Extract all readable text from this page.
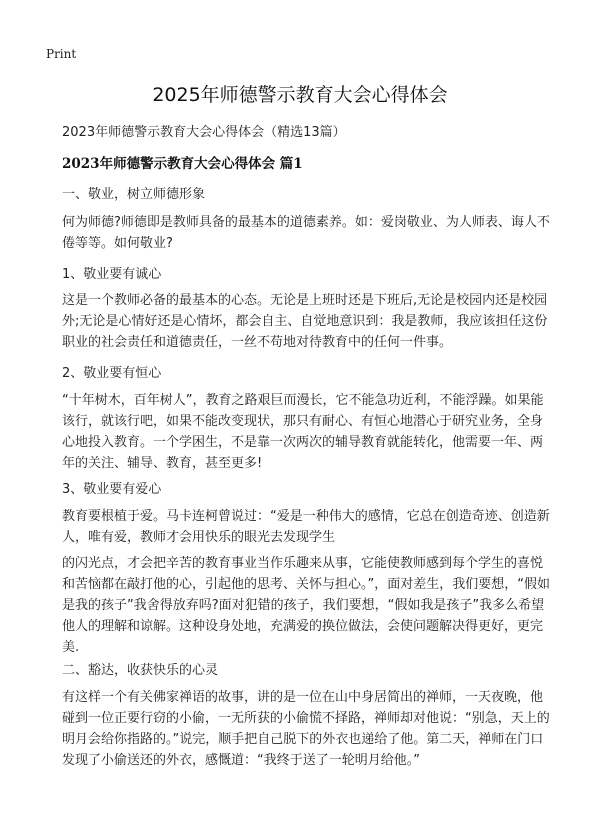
Print
2025年师德警示教育大会心得体会
2023年师德警示教育大会心得体会（精选13篇）
2023年师德警示教育大会心得体会 篇1
一、敬业，树立师德形象
何为师德?师德即是教师具备的最基本的道德素养。如：爱岗敬业、为人师表、诲人不倦等等。如何敬业?
1、敬业要有诚心
这是一个教师必备的最基本的心态。无论是上班时还是下班后,无论是校园内还是校园外;无论是心情好还是心情坏，都会自主、自觉地意识到：我是教师，我应该担任这份职业的社会责任和道德责任，一丝不苟地对待教育中的任何一件事。
2、敬业要有恒心
“十年树木，百年树人”，教育之路艰巨而漫长，它不能急功近利，不能浮躁。如果能该行，就该行吧，如果不能改变现状，那只有耐心、有恒心地潜心于研究业务，全身心地投入教育。一个学困生，不是靠一次两次的辅导教育就能转化，他需要一年、两年的关注、辅导、教育，甚至更多!
3、敬业要有爱心
教育要根植于爱。马卡连柯曾说过：“爱是一种伟大的感情，它总在创造奇迹、创造新人，唯有爱，教师才会用快乐的眼光去发现学生
的闪光点，才会把辛苦的教育事业当作乐趣来从事，它能使教师感到每个学生的喜悦和苦恼都在敲打他的心，引起他的思考、关怀与担心。”，面对差生，我们要想，“假如是我的孩子”我舍得放弃吗?面对犯错的孩子，我们要想，“假如我是孩子”我多么希望他人的理解和谅解。这种设身处地，充满爱的换位做法，会使问题解决得更好，更完美.
二、豁达，收获快乐的心灵
有这样一个有关佛家禅语的故事，讲的是一位在山中身居简出的禅师，一天夜晚，他碰到一位正要行窃的小偷，一无所获的小偷慌不择路，禅师却对他说：“别急，天上的明月会给你指路的。”说完，顺手把自己脱下的外衣也递给了他。第二天，禅师在门口发现了小偷送还的外衣，感慨道：“我终于送了一轮明月给他。”
